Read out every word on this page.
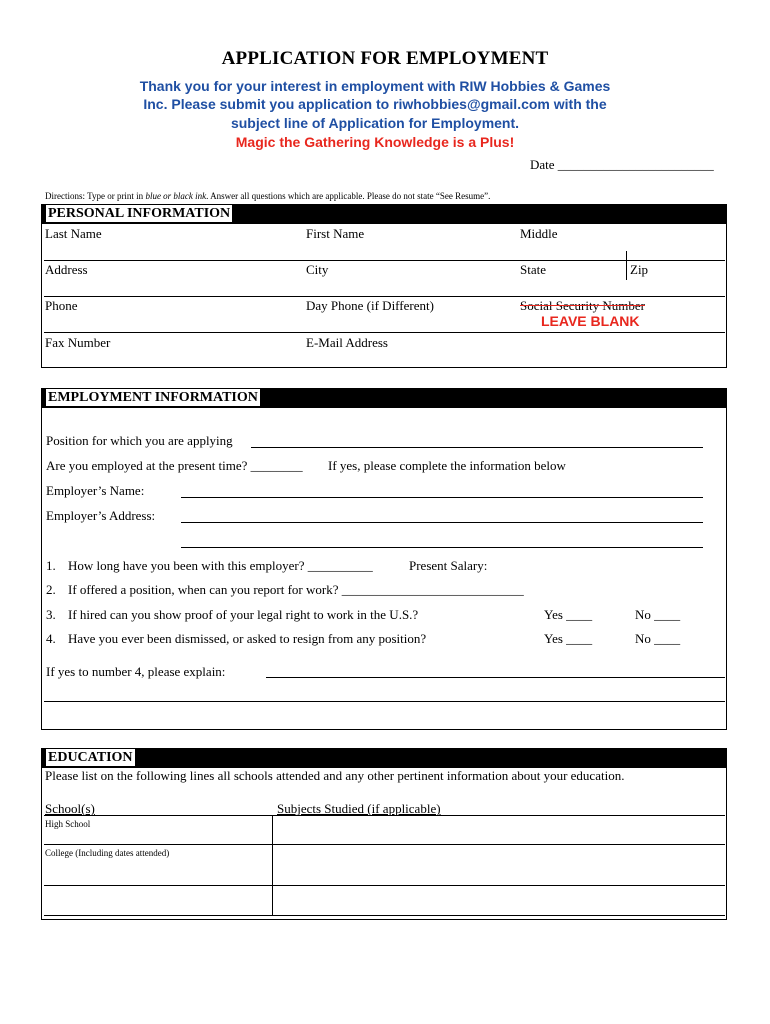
APPLICATION FOR EMPLOYMENT
Thank you for your interest in employment with RIW Hobbies & Games
Inc. Please submit you application to riwhobbies@gmail.com with the
subject line of Application for Employment.
Magic the Gathering Knowledge is a Plus!
Date ________________________
Directions: Type or print in blue or black ink. Answer all questions which are applicable. Please do not state “See Resume”.
PERSONAL INFORMATION
Last Name	First Name	Middle
Address	City	State	Zip
Phone	Day Phone (if Different)	Social Security Number
LEAVE BLANK
Fax Number	E-Mail Address
EMPLOYMENT INFORMATION
Position for which you are applying
Are you employed at the present time? ________ If yes, please complete the information below
Employer’s Name:
Employer’s Address:
1. How long have you been with this employer? __________	Present Salary:
2. If offered a position, when can you report for work? ____________________________
3. If hired can you show proof of your legal right to work in the U.S.?	Yes ____	No ____
4. Have you ever been dismissed, or asked to resign from any position?	Yes ____	No ____
If yes to number 4, please explain:
EDUCATION
Please list on the following lines all schools attended and any other pertinent information about your education.
School(s)	Subjects Studied (if applicable)
High School
College (Including dates attended)
